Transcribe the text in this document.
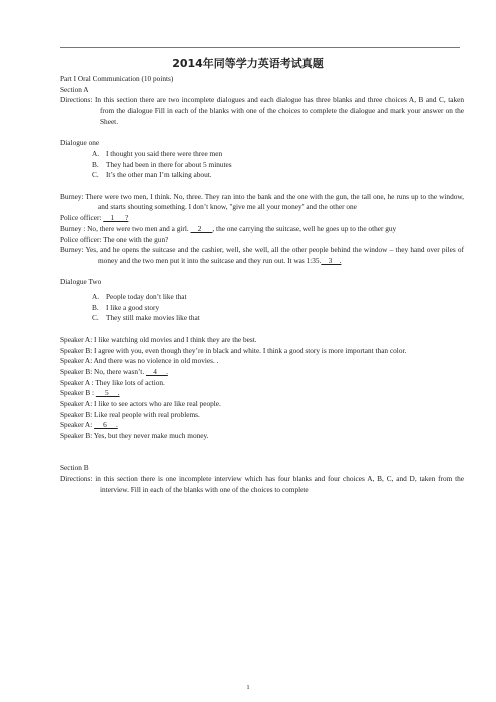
2014年同等学力英语考试真题

Part I Oral Communication (10 points)

Section A

Directions: In this section there are two incomplete dialogues and each dialogue has three blanks and three choices A, B and C, taken from the dialogue Fill in each of the blanks with one of the choices to complete the dialogue and mark your answer on the Sheet.

Dialogue one

A. I thought you said there were three men

B. They had been in there for about 5 minutes

C. It’s the other man I’m talking about.

Burney: There were two men, I think. No, three. They ran into the bank and the one with the gun, the tall one, he runs up to the window, and starts shouting something. I don’t know, "give me all your money" and the other one

Police officer:     1      ?

Burney : No, there were two men and a girl.     2      , the one carrying the suitcase, well he goes up to the other guy

Police officer: The one with the gun?

Burney: Yes, and he opens the suitcase and the cashier, well, she well, all the other people behind the window – they hand over piles of money and the two men put it into the suitcase and they run out. It was 1:35.    3    .

Dialogue Two

A. People today don’t like that

B. I like a good story

C. They still make movies like that

Speaker A: I like watching old movies and I think they are the best.

Speaker B: I agree with you, even though they’re in black and white. I think a good story is more important than color.

Speaker A: And there was no violence in old movies. .

Speaker B: No, there wasn’t.     4     .

Speaker A : They like lots of action.

Speaker B :      5     .

Speaker A: I like to see actors who are like real people.

Speaker B: Like real people with real problems.

Speaker A:      6     .

Speaker B: Yes, but they never make much money.

Section B

Directions: in this section there is one incomplete interview which has four blanks and four choices A, B, C, and D, taken from the interview. Fill in each of the blanks with one of the choices to complete

1
